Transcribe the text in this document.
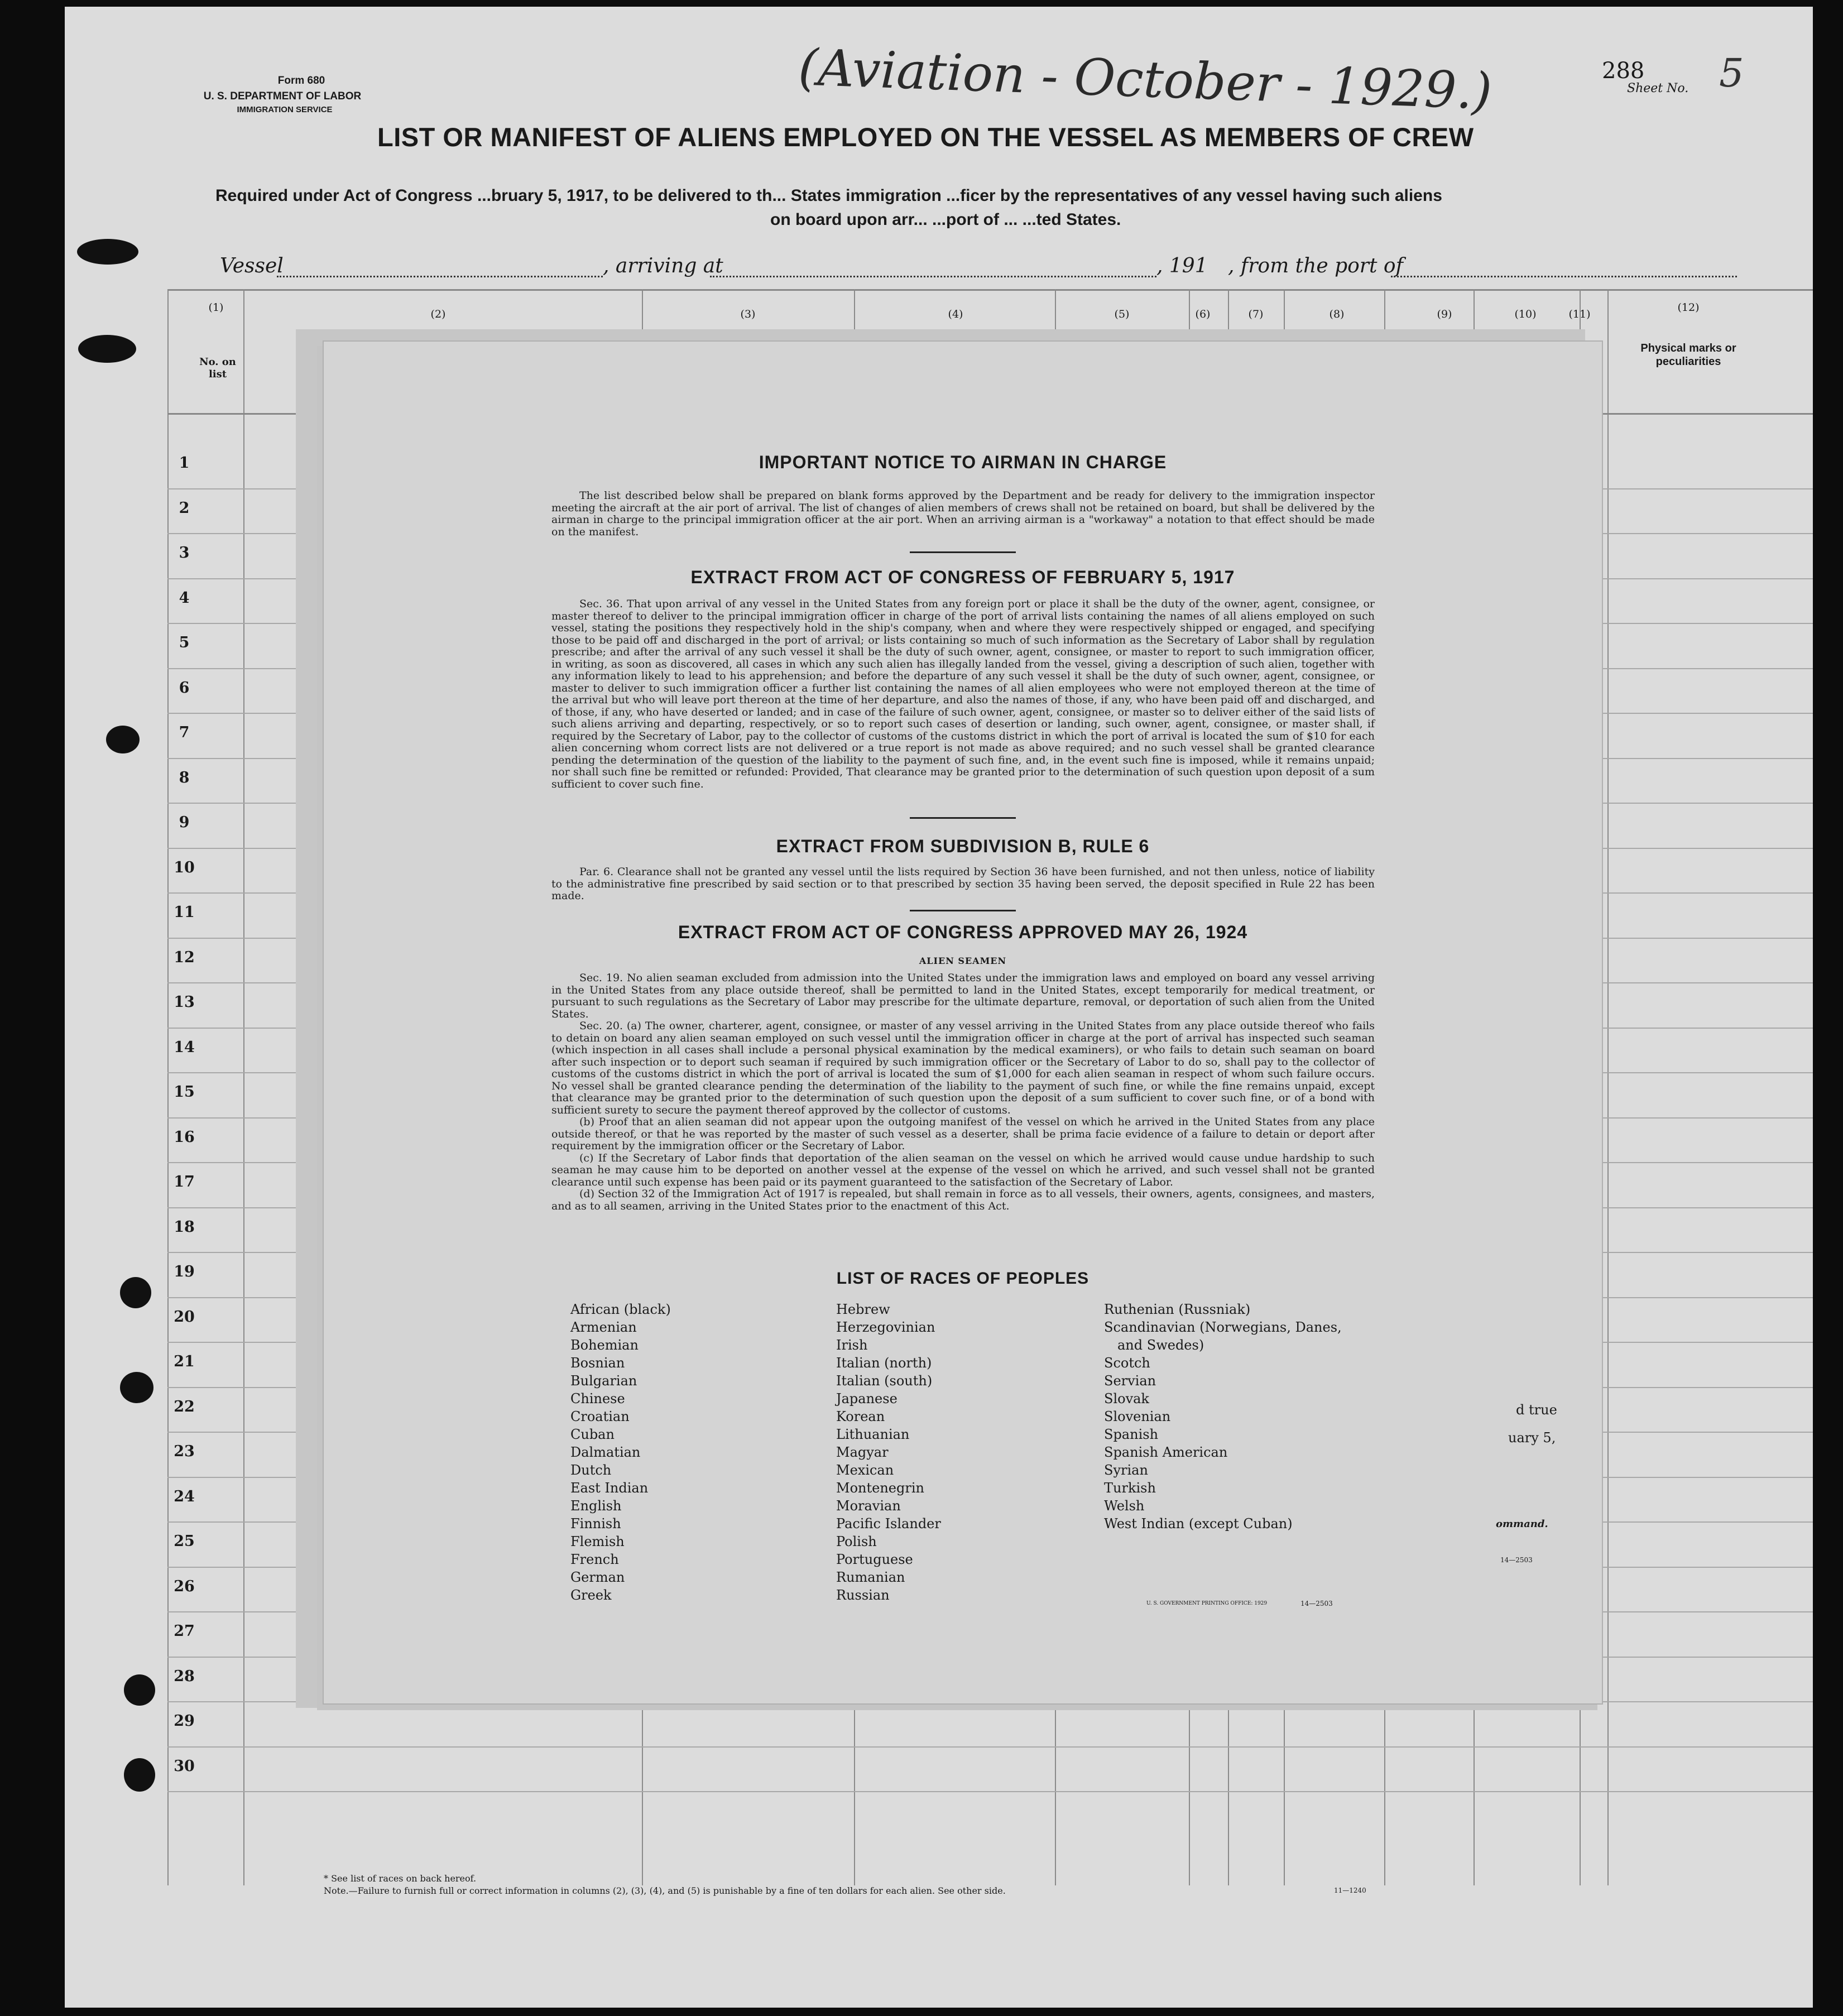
Form 680
U. S. DEPARTMENT OF LABOR
IMMIGRATION SERVICE	(Aviation - October - 1929.)	288
Sheet No. 5
LIST OR MANIFEST OF ALIENS EMPLOYED ON THE VESSEL AS MEMBERS OF CREW
Required under Act of Congress ...bruary 5, 1917, to be delivered to th... States immigration ...ficer by the representatives of any vessel having such aliens
on board upon arr... ...port of ... ...ted States.
Vessel	, arriving at	, 191 , from the port of
(1)
(2)	(3)	(4)	(5)	(6)	(7)	(8)	(9)	(10)	(11)
(12)
No. on list
Physical marks or peculiarities
1
2
3
4
5
6
7
8
9
10
11
12
13
14
15
16
17
18
19
20
21
22
23
24
25
26
27
28
29
30
IMPORTANT NOTICE TO AIRMAN IN CHARGE

The list described below shall be prepared on blank forms approved by the Department and be ready for delivery to the immigration inspector meeting the aircraft at the air port of arrival. The list of changes of alien members of crews shall not be retained on board, but shall be delivered by the airman in charge to the principal immigration officer at the air port. When an arriving airman is a "workaway" a notation to that effect should be made on the manifest.

EXTRACT FROM ACT OF CONGRESS OF FEBRUARY 5, 1917

Sec. 36. That upon arrival of any vessel in the United States from any foreign port or place it shall be the duty of the owner, agent, consignee, or master thereof to deliver to the principal immigration officer in charge of the port of arrival lists containing the names of all aliens employed on such vessel, stating the positions they respectively hold in the ship's company, when and where they were respectively shipped or engaged, and specifying those to be paid off and discharged in the port of arrival; or lists containing so much of such information as the Secretary of Labor shall by regulation prescribe; and after the arrival of any such vessel it shall be the duty of such owner, agent, consignee, or master to report to such immigration officer, in writing, as soon as discovered, all cases in which any such alien has illegally landed from the vessel, giving a description of such alien, together with any information likely to lead to his apprehension; and before the departure of any such vessel it shall be the duty of such owner, agent, consignee, or master to deliver to such immigration officer a further list containing the names of all alien employees who were not employed thereon at the time of the arrival but who will leave port thereon at the time of her departure, and also the names of those, if any, who have been paid off and discharged, and of those, if any, who have deserted or landed; and in case of the failure of such owner, agent, consignee, or master so to deliver either of the said lists of such aliens arriving and departing, respectively, or so to report such cases of desertion or landing, such owner, agent, consignee, or master shall, if required by the Secretary of Labor, pay to the collector of customs of the customs district in which the port of arrival is located the sum of $10 for each alien concerning whom correct lists are not delivered or a true report is not made as above required; and no such vessel shall be granted clearance pending the determination of the question of the liability to the payment of such fine, and, in the event such fine is imposed, while it remains unpaid; nor shall such fine be remitted or refunded: Provided, That clearance may be granted prior to the determination of such question upon deposit of a sum sufficient to cover such fine.

EXTRACT FROM SUBDIVISION B, RULE 6

Par. 6. Clearance shall not be granted any vessel until the lists required by Section 36 have been furnished, and not then unless, notice of liability to the administrative fine prescribed by said section or to that prescribed by section 35 having been served, the deposit specified in Rule 22 has been made.

EXTRACT FROM ACT OF CONGRESS APPROVED MAY 26, 1924
ALIEN SEAMEN

Sec. 19. No alien seaman excluded from admission into the United States under the immigration laws and employed on board any vessel arriving in the United States from any place outside thereof, shall be permitted to land in the United States, except temporarily for medical treatment, or pursuant to such regulations as the Secretary of Labor may prescribe for the ultimate departure, removal, or deportation of such alien from the United States.

Sec. 20. (a) The owner, charterer, agent, consignee, or master of any vessel arriving in the United States from any place outside thereof who fails to detain on board any alien seaman employed on such vessel until the immigration officer in charge at the port of arrival has inspected such seaman (which inspection in all cases shall include a personal physical examination by the medical examiners), or who fails to detain such seaman on board after such inspection or to deport such seaman if required by such immigration officer or the Secretary of Labor to do so, shall pay to the collector of customs of the customs district in which the port of arrival is located the sum of $1,000 for each alien seaman in respect of whom such failure occurs. No vessel shall be granted clearance pending the determination of the liability to the payment of such fine, or while the fine remains unpaid, except that clearance may be granted prior to the determination of such question upon the deposit of a sum sufficient to cover such fine, or of a bond with sufficient surety to secure the payment thereof approved by the collector of customs.

(b) Proof that an alien seaman did not appear upon the outgoing manifest of the vessel on which he arrived in the United States from any place outside thereof, or that he was reported by the master of such vessel as a deserter, shall be prima facie evidence of a failure to detain or deport after requirement by the immigration officer or the Secretary of Labor.

(c) If the Secretary of Labor finds that deportation of the alien seaman on the vessel on which he arrived would cause undue hardship to such seaman he may cause him to be deported on another vessel at the expense of the vessel on which he arrived, and such vessel shall not be granted clearance until such expense has been paid or its payment guaranteed to the satisfaction of the Secretary of Labor.

(d) Section 32 of the Immigration Act of 1917 is repealed, but shall remain in force as to all vessels, their owners, agents, consignees, and masters, and as to all seamen, arriving in the United States prior to the enactment of this Act.

LIST OF RACES OF PEOPLES
African (black)
Armenian
Bohemian
Bosnian
Bulgarian
Chinese
Croatian
Cuban
Dalmatian
Dutch
East Indian
English
Finnish
Flemish
French
German
Greek
Hebrew
Herzegovinian
Irish
Italian (north)
Italian (south)
Japanese
Korean
Lithuanian
Magyar
Mexican
Montenegrin
Moravian
Pacific Islander
Polish
Portuguese
Rumanian
Russian
Ruthenian (Russniak)
Scandinavian (Norwegians, Danes,
and Swedes)
Scotch
Servian
Slovak
Slovenian
Spanish
Spanish American
Syrian
Turkish
Welsh
West Indian (except Cuban)
U. S. GOVERNMENT PRINTING OFFICE: 1929	14—2503
d true
uary 5,
ommand.
14—2503
* See list of races on back hereof.
Note.—Failure to furnish full or correct information in columns (2), (3), (4), and (5) is punishable by a fine of ten dollars for each alien. See other side.	11—1240
